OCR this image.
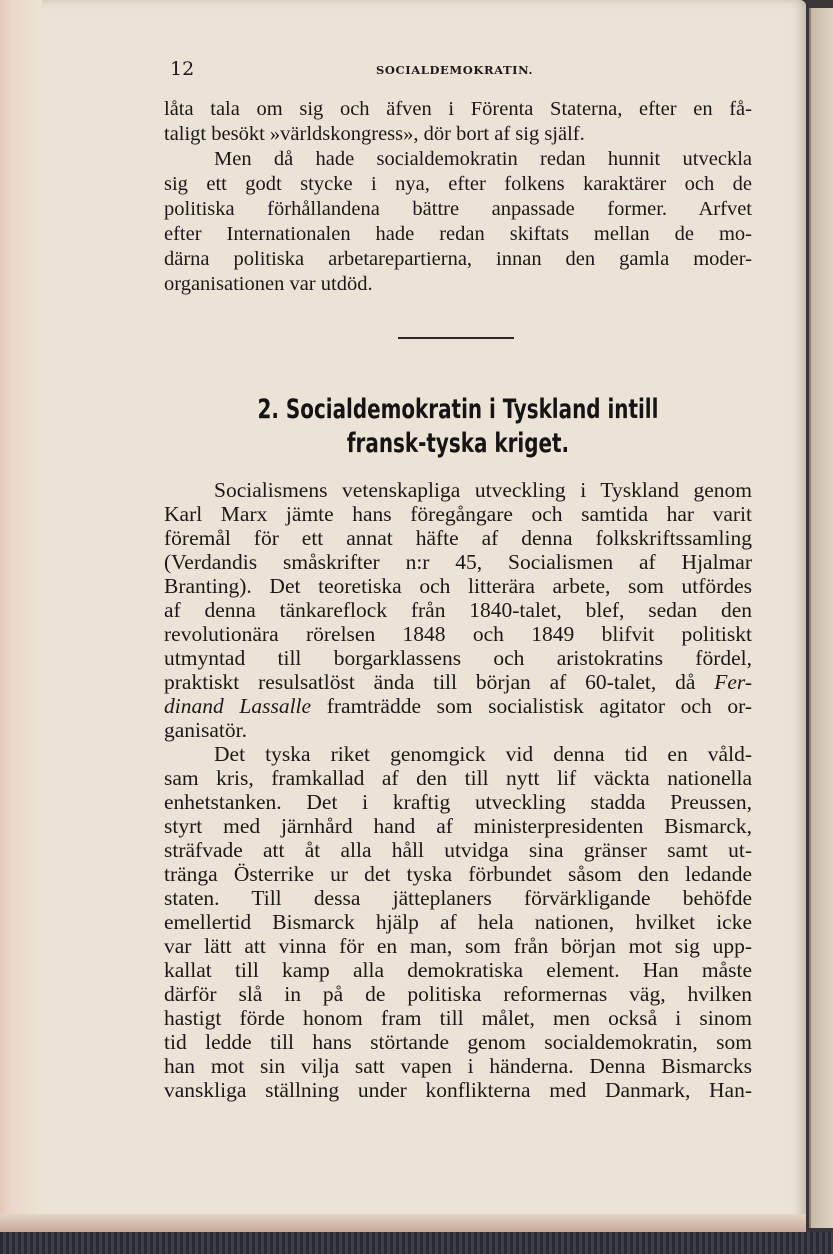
12	SOCIALDEMOKRATIN.
låta tala om sig och äfven i Förenta Staterna, efter en få-
taligt besökt »världskongress», dör bort af sig själf.
Men då hade socialdemokratin redan hunnit utveckla
sig ett godt stycke i nya, efter folkens karaktärer och de
politiska förhållandena bättre anpassade former. Arfvet
efter Internationalen hade redan skiftats mellan de mo-
därna politiska arbetarepartierna, innan den gamla moder-
organisationen var utdöd.
2. Socialdemokratin i Tyskland intill
fransk-tyska kriget.
Socialismens vetenskapliga utveckling i Tyskland genom
Karl Marx jämte hans föregångare och samtida har varit
föremål för ett annat häfte af denna folkskriftssamling
(Verdandis småskrifter n:r 45, Socialismen af Hjalmar
Branting). Det teoretiska och litterära arbete, som utfördes
af denna tänkareflock från 1840-talet, blef, sedan den
revolutionära rörelsen 1848 och 1849 blifvit politiskt
utmyntad till borgarklassens och aristokratins fördel,
praktiskt resulsatlöst ända till början af 60-talet, då Fer-
dinand Lassalle framträdde som socialistisk agitator och or-
ganisatör.
Det tyska riket genomgick vid denna tid en våld-
sam kris, framkallad af den till nytt lif väckta nationella
enhetstanken. Det i kraftig utveckling stadda Preussen,
styrt med järnhård hand af ministerpresidenten Bismarck,
sträfvade att åt alla håll utvidga sina gränser samt ut-
tränga Österrike ur det tyska förbundet såsom den ledande
staten. Till dessa jätteplaners förvärkligande behöfde
emellertid Bismarck hjälp af hela nationen, hvilket icke
var lätt att vinna för en man, som från början mot sig upp-
kallat till kamp alla demokratiska element. Han måste
därför slå in på de politiska reformernas väg, hvilken
hastigt förde honom fram till målet, men också i sinom
tid ledde till hans störtande genom socialdemokratin, som
han mot sin vilja satt vapen i händerna. Denna Bismarcks
vanskliga ställning under konflikterna med Danmark, Han-
